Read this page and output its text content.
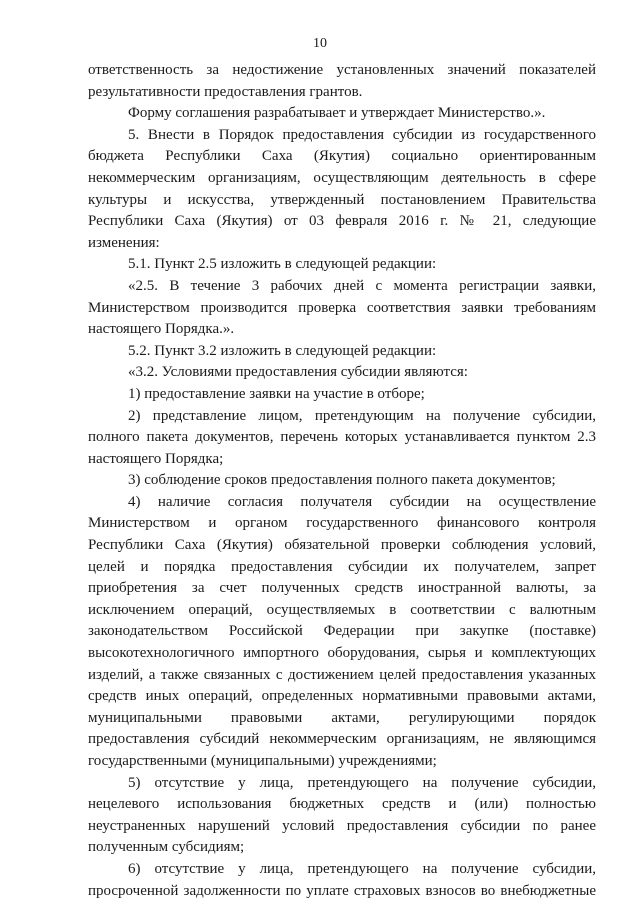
10
ответственность за недостижение установленных значений показателей
результативности предоставления грантов.
Форму соглашения разрабатывает и утверждает Министерство.».
5. Внести в Порядок предоставления субсидии из государственного
бюджета Республики Саха (Якутия) социально ориентированным
некоммерческим организациям, осуществляющим деятельность в сфере
культуры и искусства, утвержденный постановлением Правительства
Республики Саха (Якутия) от 03 февраля 2016 г. № 21, следующие
изменения:
5.1. Пункт 2.5 изложить в следующей редакции:
«2.5. В течение 3 рабочих дней с момента регистрации заявки,
Министерством производится проверка соответствия заявки требованиям
настоящего Порядка.».
5.2. Пункт 3.2 изложить в следующей редакции:
«3.2. Условиями предоставления субсидии являются:
1) предоставление заявки на участие в отборе;
2) представление лицом, претендующим на получение субсидии,
полного пакета документов, перечень которых устанавливается пунктом 2.3
настоящего Порядка;
3) соблюдение сроков предоставления полного пакета документов;
4) наличие согласия получателя субсидии на осуществление
Министерством и органом государственного финансового контроля
Республики Саха (Якутия) обязательной проверки соблюдения условий,
целей и порядка предоставления субсидии их получателем, запрет
приобретения за счет полученных средств иностранной валюты, за
исключением операций, осуществляемых в соответствии с валютным
законодательством Российской Федерации при закупке (поставке)
высокотехнологичного импортного оборудования, сырья и комплектующих
изделий, а также связанных с достижением целей предоставления указанных
средств иных операций, определенных нормативными правовыми актами,
муниципальными правовыми актами, регулирующими порядок
предоставления субсидий некоммерческим организациям, не являющимся
государственными (муниципальными) учреждениями;
5) отсутствие у лица, претендующего на получение субсидии,
нецелевого использования бюджетных средств и (или) полностью
неустраненных нарушений условий предоставления субсидии по ранее
полученным субсидиям;
6) отсутствие у лица, претендующего на получение субсидии,
просроченной задолженности по уплате страховых взносов во внебюджетные
